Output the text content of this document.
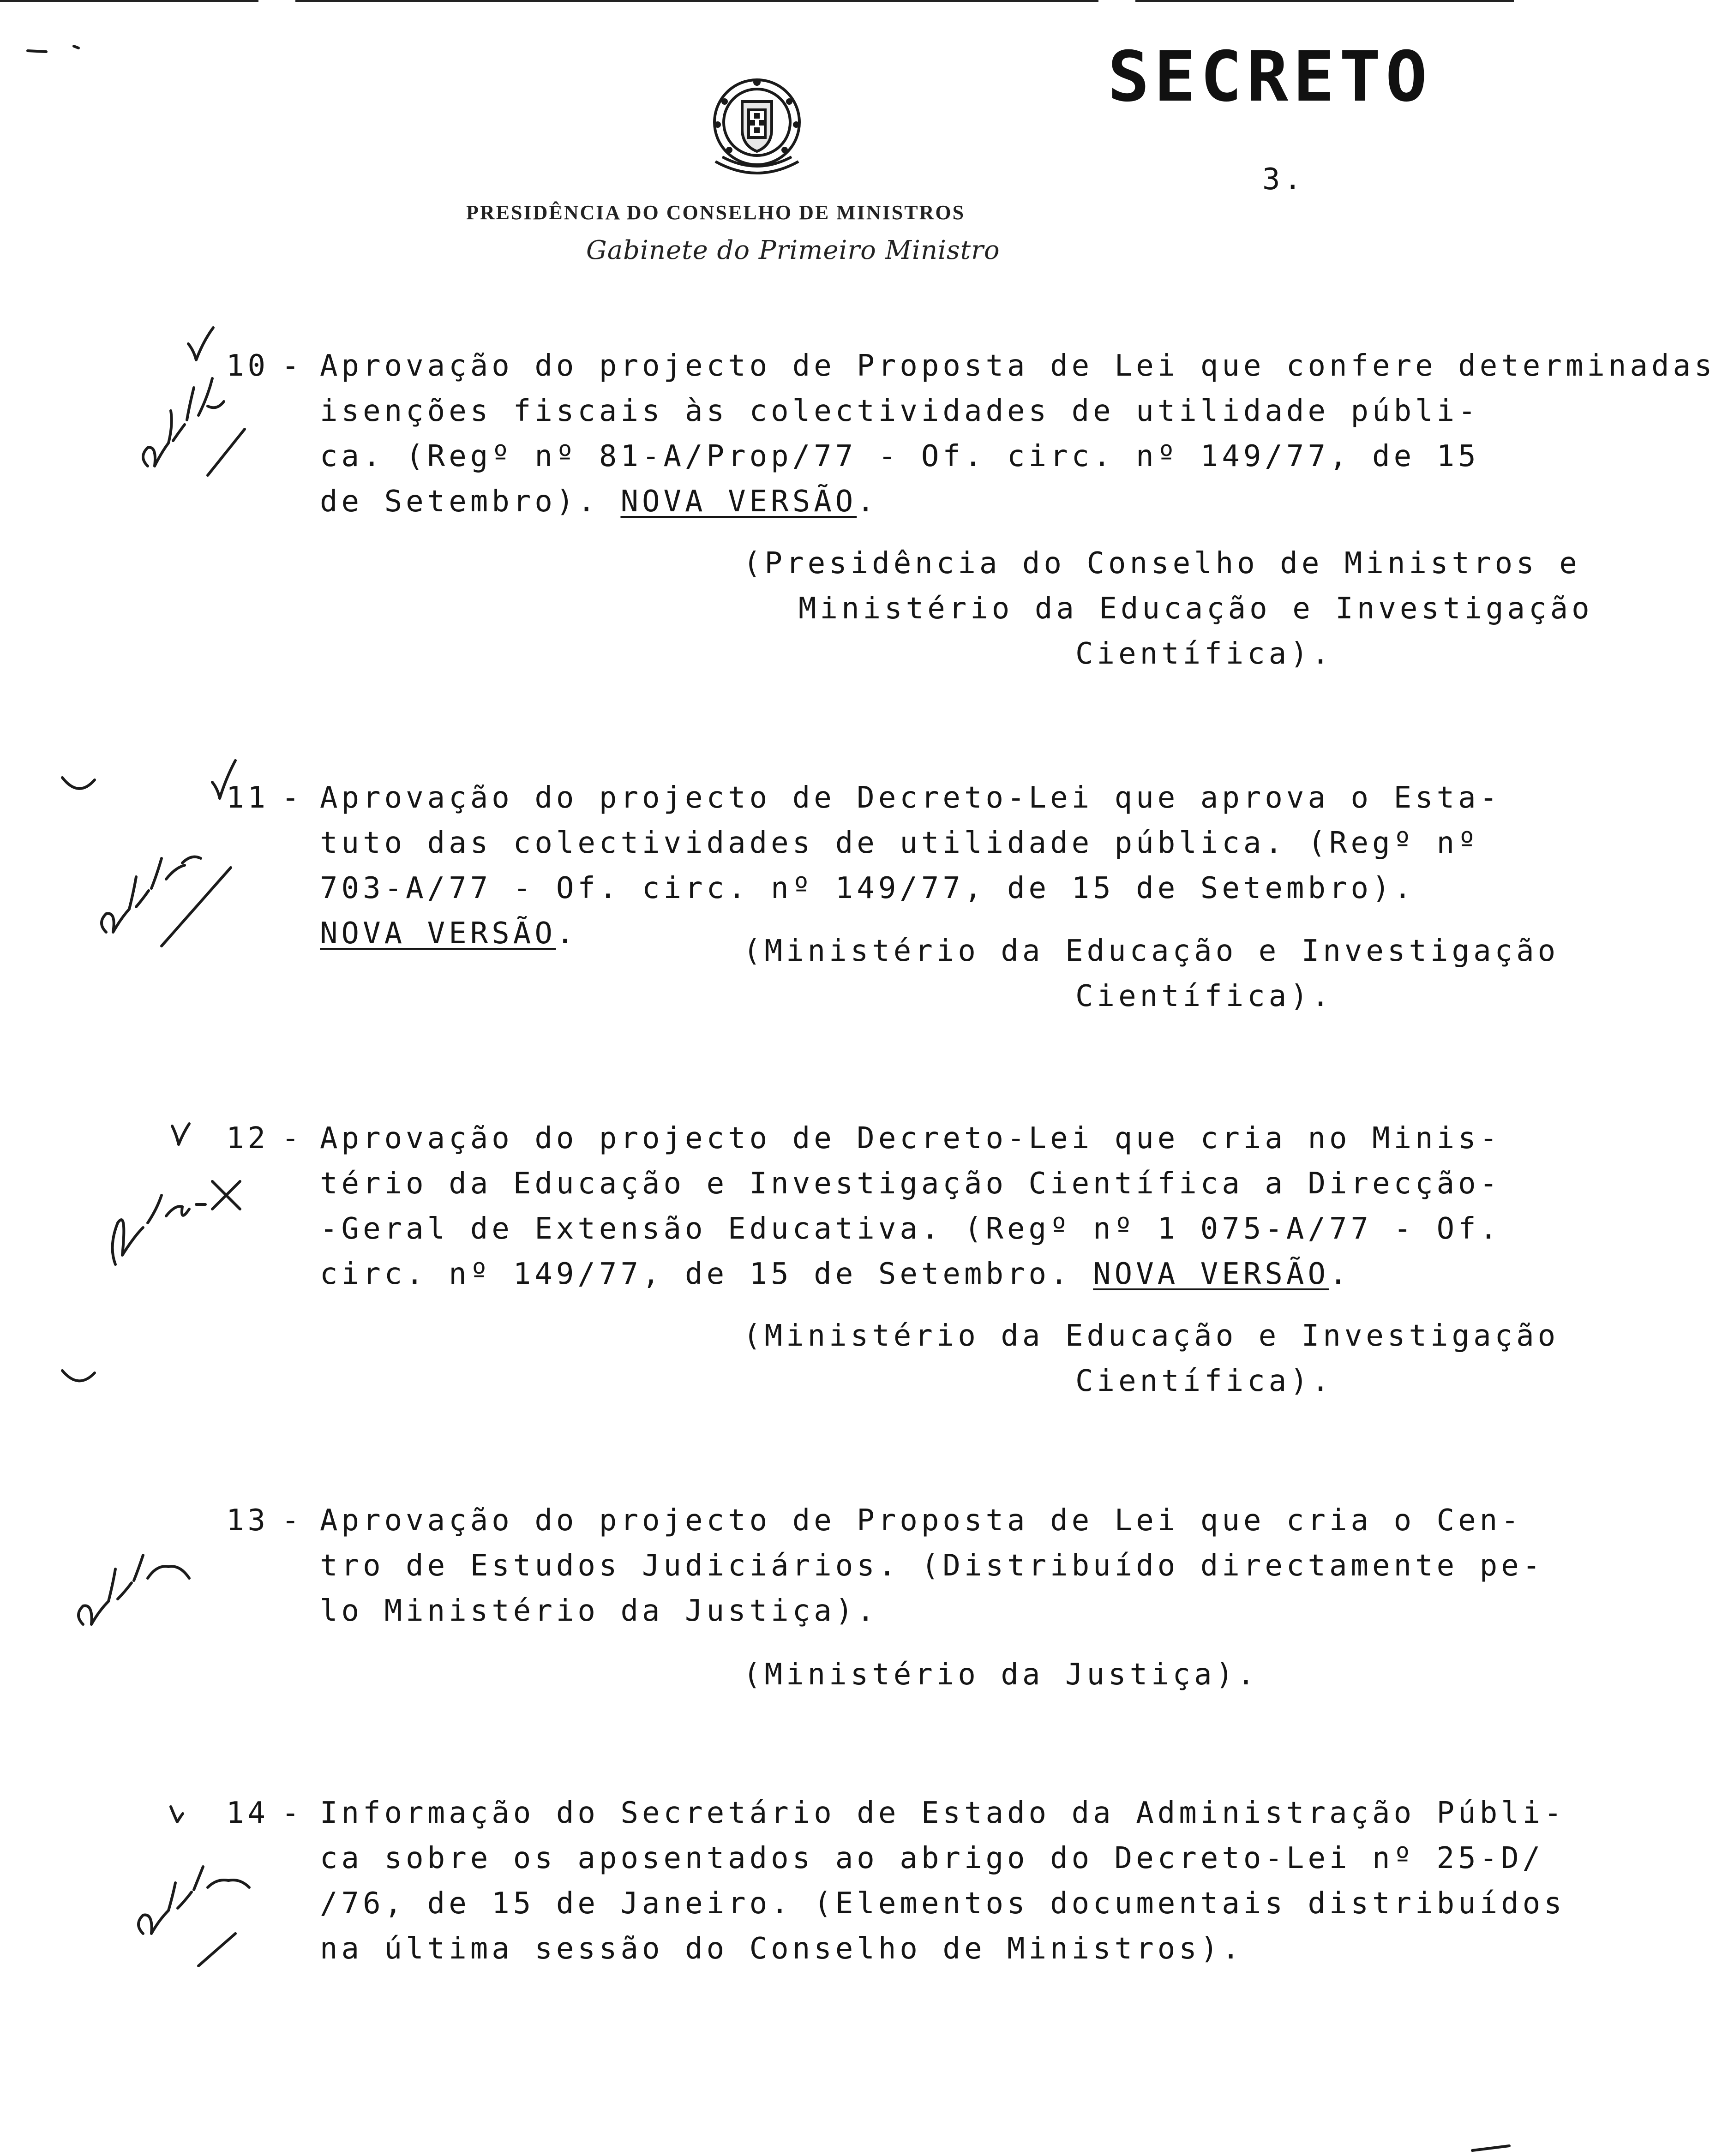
SECRETO
3.
PRESIDÊNCIA DO CONSELHO DE MINISTROS
Gabinete do Primeiro Ministro
10 - Aprovação do projecto de Proposta de Lei que confere determinadas
isenções fiscais às colectividades de utilidade públi-
ca. (Regº nº 81-A/Prop/77 - Of. circ. nº 149/77, de 15
de Setembro). NOVA VERSÃO.
(Presidência do Conselho de Ministros e
Ministério da Educação e Investigação
Científica).
11 - Aprovação do projecto de Decreto-Lei que aprova o Esta-
tuto das colectividades de utilidade pública. (Regº nº
703-A/77 - Of. circ. nº 149/77, de 15 de Setembro).
NOVA VERSÃO.
(Ministério da Educação e Investigação
Científica).
12 - Aprovação do projecto de Decreto-Lei que cria no Minis-
tério da Educação e Investigação Científica a Direcção-
-Geral de Extensão Educativa. (Regº nº 1 075-A/77 - Of.
circ. nº 149/77, de 15 de Setembro. NOVA VERSÃO.
(Ministério da Educação e Investigação
Científica).
13 - Aprovação do projecto de Proposta de Lei que cria o Cen-
tro de Estudos Judiciários. (Distribuído directamente pe-
lo Ministério da Justiça).
(Ministério da Justiça).
14 - Informação do Secretário de Estado da Administração Públi-
ca sobre os aposentados ao abrigo do Decreto-Lei nº 25-D/
/76, de 15 de Janeiro. (Elementos documentais distribuídos
na última sessão do Conselho de Ministros).
